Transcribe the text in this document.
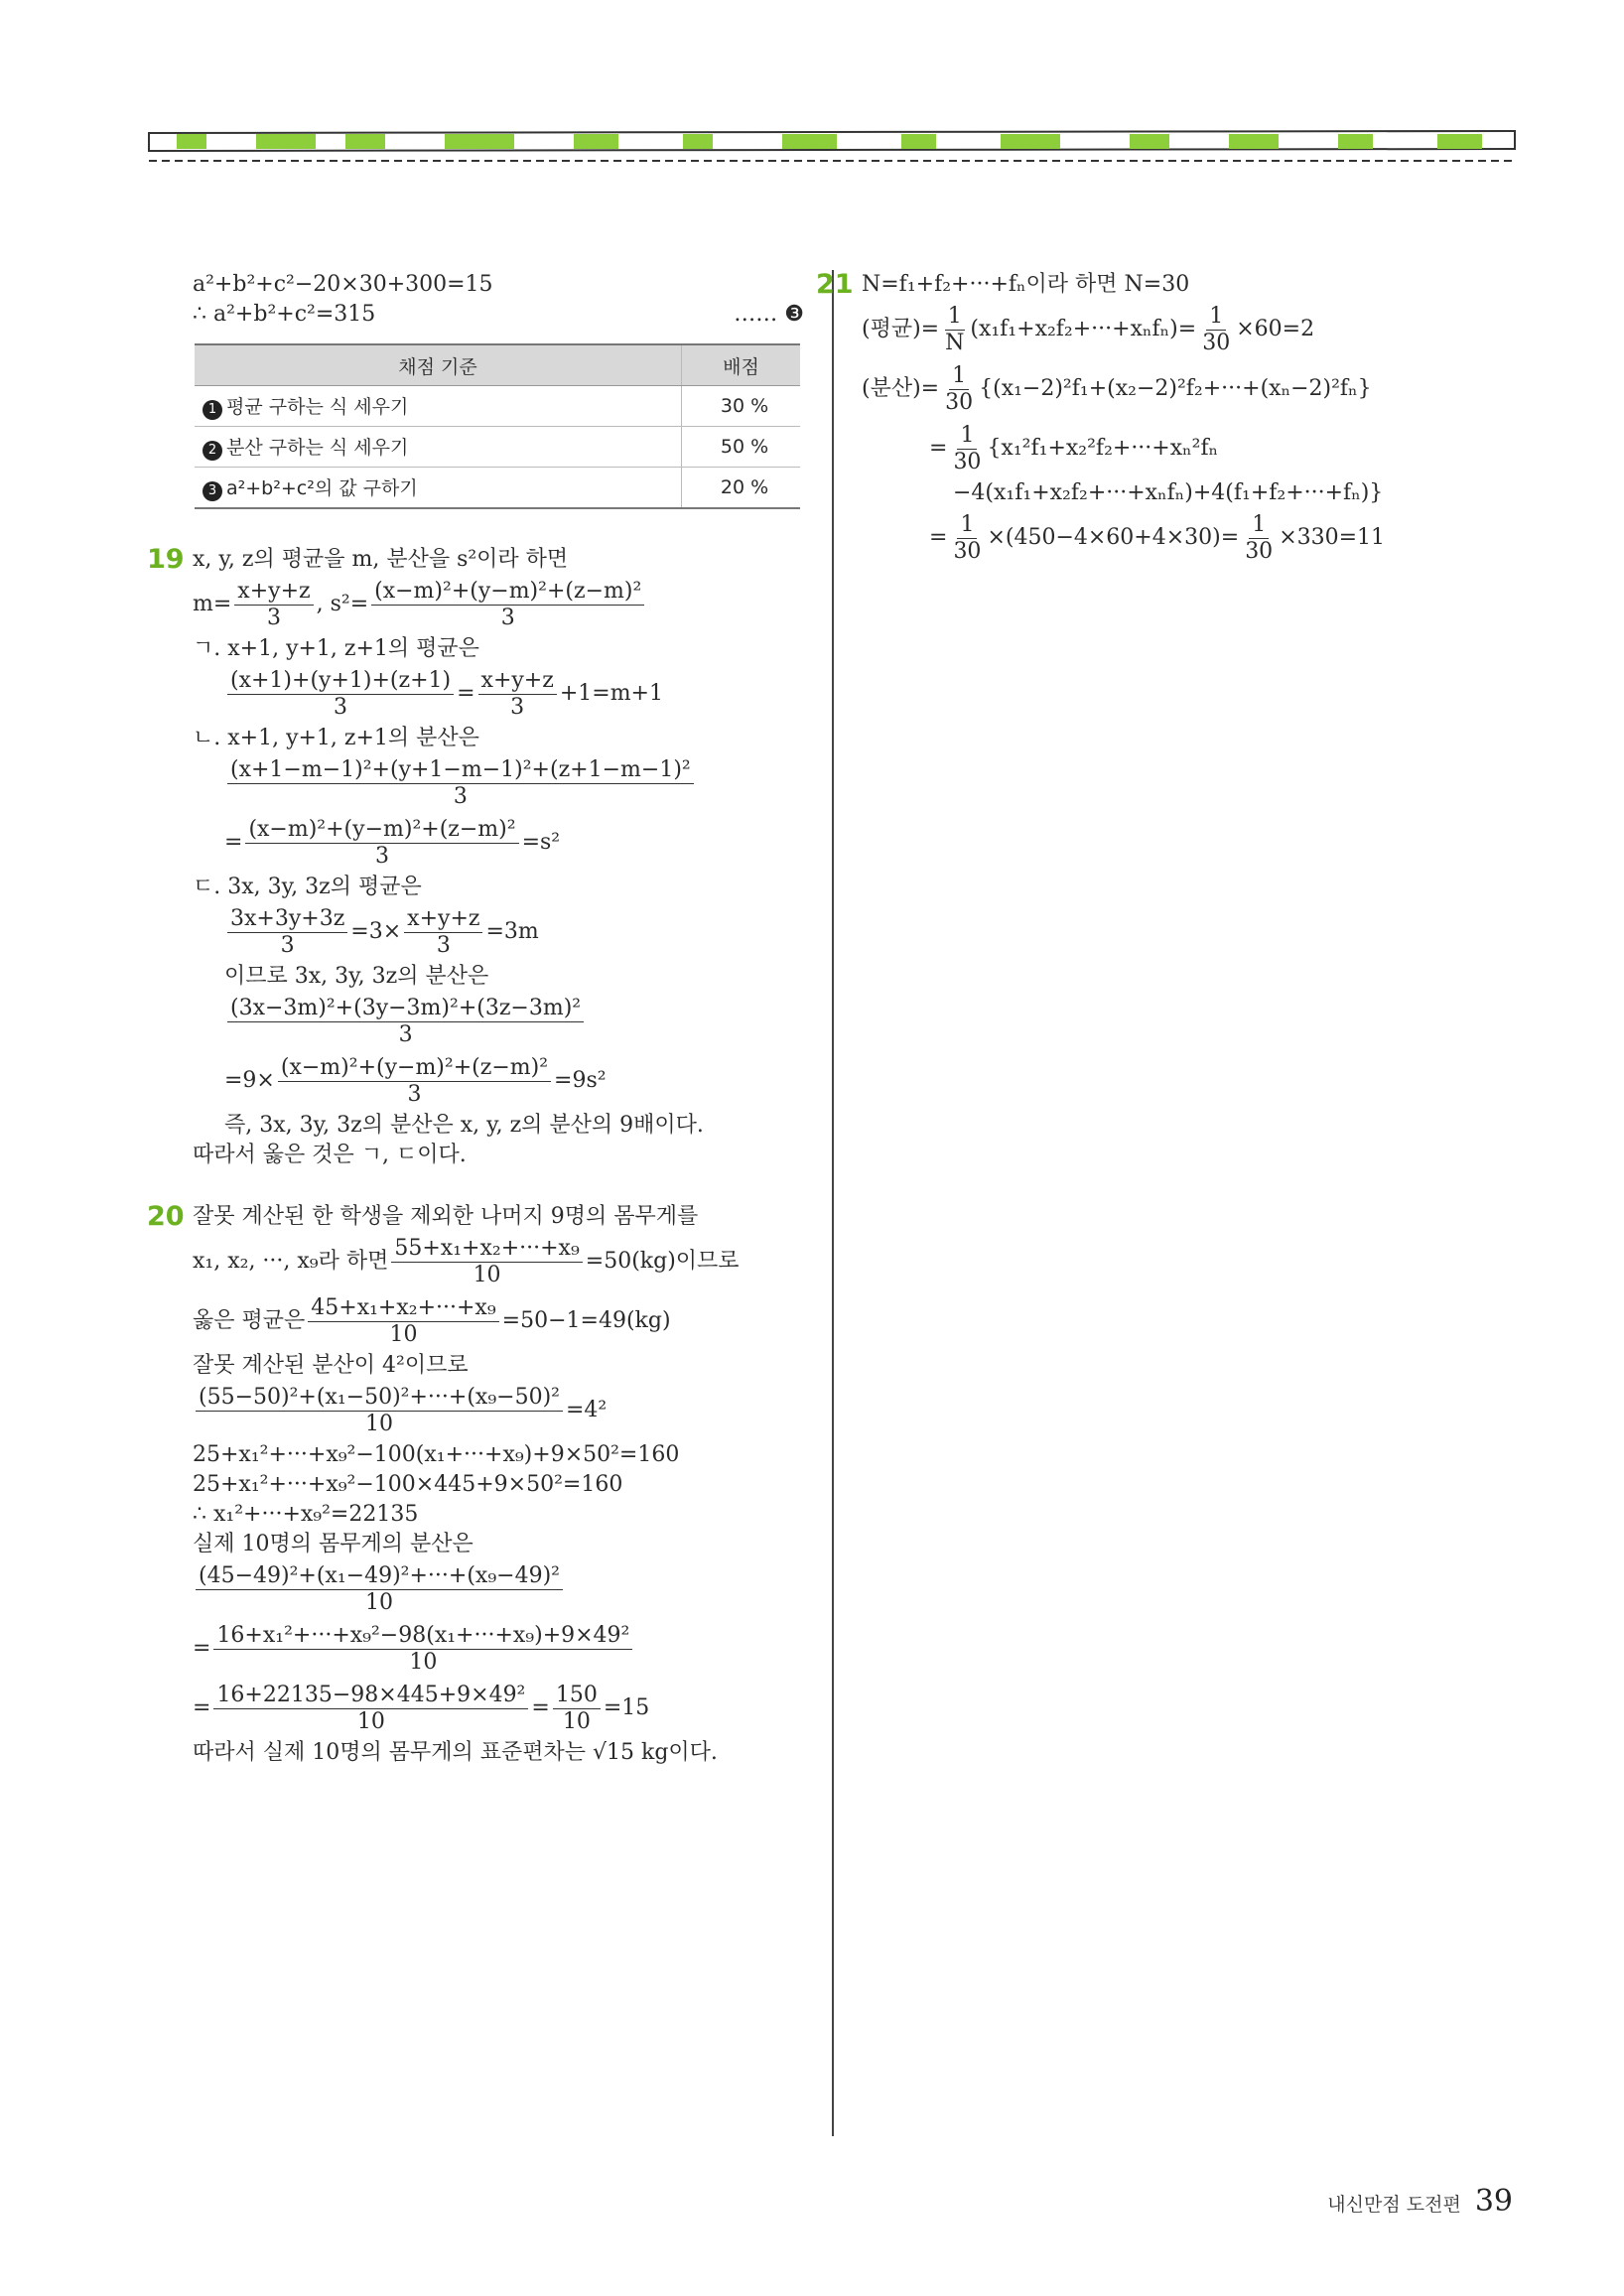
a²+b²+c²−20×30+300=15
∴ a²+b²+c²=315	…… ❸
채점 기준	배점
1 평균 구하는 식 세우기	30 %
2 분산 구하는 식 세우기	50 %
3 a²+b²+c²의 값 구하기	20 %
19 x, y, z의 평균을 m, 분산을 s²이라 하면
$m= \frac{x+y+z}{3}$ , $s^2= \frac{\text{(x−m)²+(y−m)²+(z−m)²}}{3}$
ㄱ. x+1, y+1, z+1의 평균은
$\frac{(x+1)+(y+1)+(z+1)}{3} = \frac{x+y+z}{3} +1=m+1$
ㄴ. x+1, y+1, z+1의 분산은
$\frac{\text{(x+1−m−1)²+(y+1−m−1)²+(z+1−m−1)²}}{3}$
= $\frac{\text{(x−m)²+(y−m)²+(z−m)²}}{3} =s^2$
ㄷ. 3x, 3y, 3z의 평균은
$\frac{3x+3y+3z}{3} =3\times \frac{x+y+z}{3} =3m$
이므로 3x, 3y, 3z의 분산은
$\frac{\text{(3x−3m)²+(3y−3m)²+(3z−3m)²}}{3}$
$=9\times \frac{\text{(x−m)²+(y−m)²+(z−m)²}}{3} =9s^2$
즉, 3x, 3y, 3z의 분산은 x, y, z의 분산의 9배이다.
따라서 옳은 것은 ㄱ, ㄷ이다.
20 잘못 계산된 한 학생을 제외한 나머지 9명의 몸무게를
x₁, x₂, ···, x₉라 하면 $\frac{\text{55+x₁+x₂+···+x₉}}{10} =50(kg)$이므로
옳은 평균은 $\frac{\text{45+x₁+x₂+···+x₉}}{10} =50-1=49(kg)$
잘못 계산된 분산이 4²이므로
$\frac{\text{(55−50)²+(x₁−50)²+···+(x₉−50)²}}{10} =4^2$
25+x₁²+···+x₉²−100(x₁+···+x₉)+9×50²=160
25+x₁²+···+x₉²−100×445+9×50²=160
∴ x₁²+···+x₉²=22135
실제 10명의 몸무게의 분산은
$\frac{\text{(45−49)²+(x₁−49)²+···+(x₉−49)²}}{10}$
= $\frac{\text{16+x₁²+···+x₉²−98(x₁+···+x₉)+9×49²}}{10}$
= $\frac{\text{16+22135−98×445+9×49²}}{10} = \frac{150}{10} =15$
따라서 실제 10명의 몸무게의 표준편차는 √15 kg이다.
21 N=f₁+f₂+···+fₙ이라 하면 N=30
(평균)= $\frac{1}{N} (x_1f_1+x_2f_2+\cdot\cdot\cdot+x_nf_n)= \frac{1}{30} \times 60=2$
(분산)= $\frac{1}{30} \{(x_1-2)^2f_1+(x_2-2)^2f_2+\cdot\cdot\cdot+(x_n-2)^2f_n\}$
= $\frac{1}{30} \{x_1^2f_1+x_2^2f_2+\cdot\cdot\cdot+x_n^2f_n$
−4(x₁f₁+x₂f₂+···+xₙfₙ)+4(f₁+f₂+···+fₙ)}
= $\frac{1}{30} \times(450-4\times 60+4\times 30)= \frac{1}{30} \times 330=11$
내신만점 도전편 39
